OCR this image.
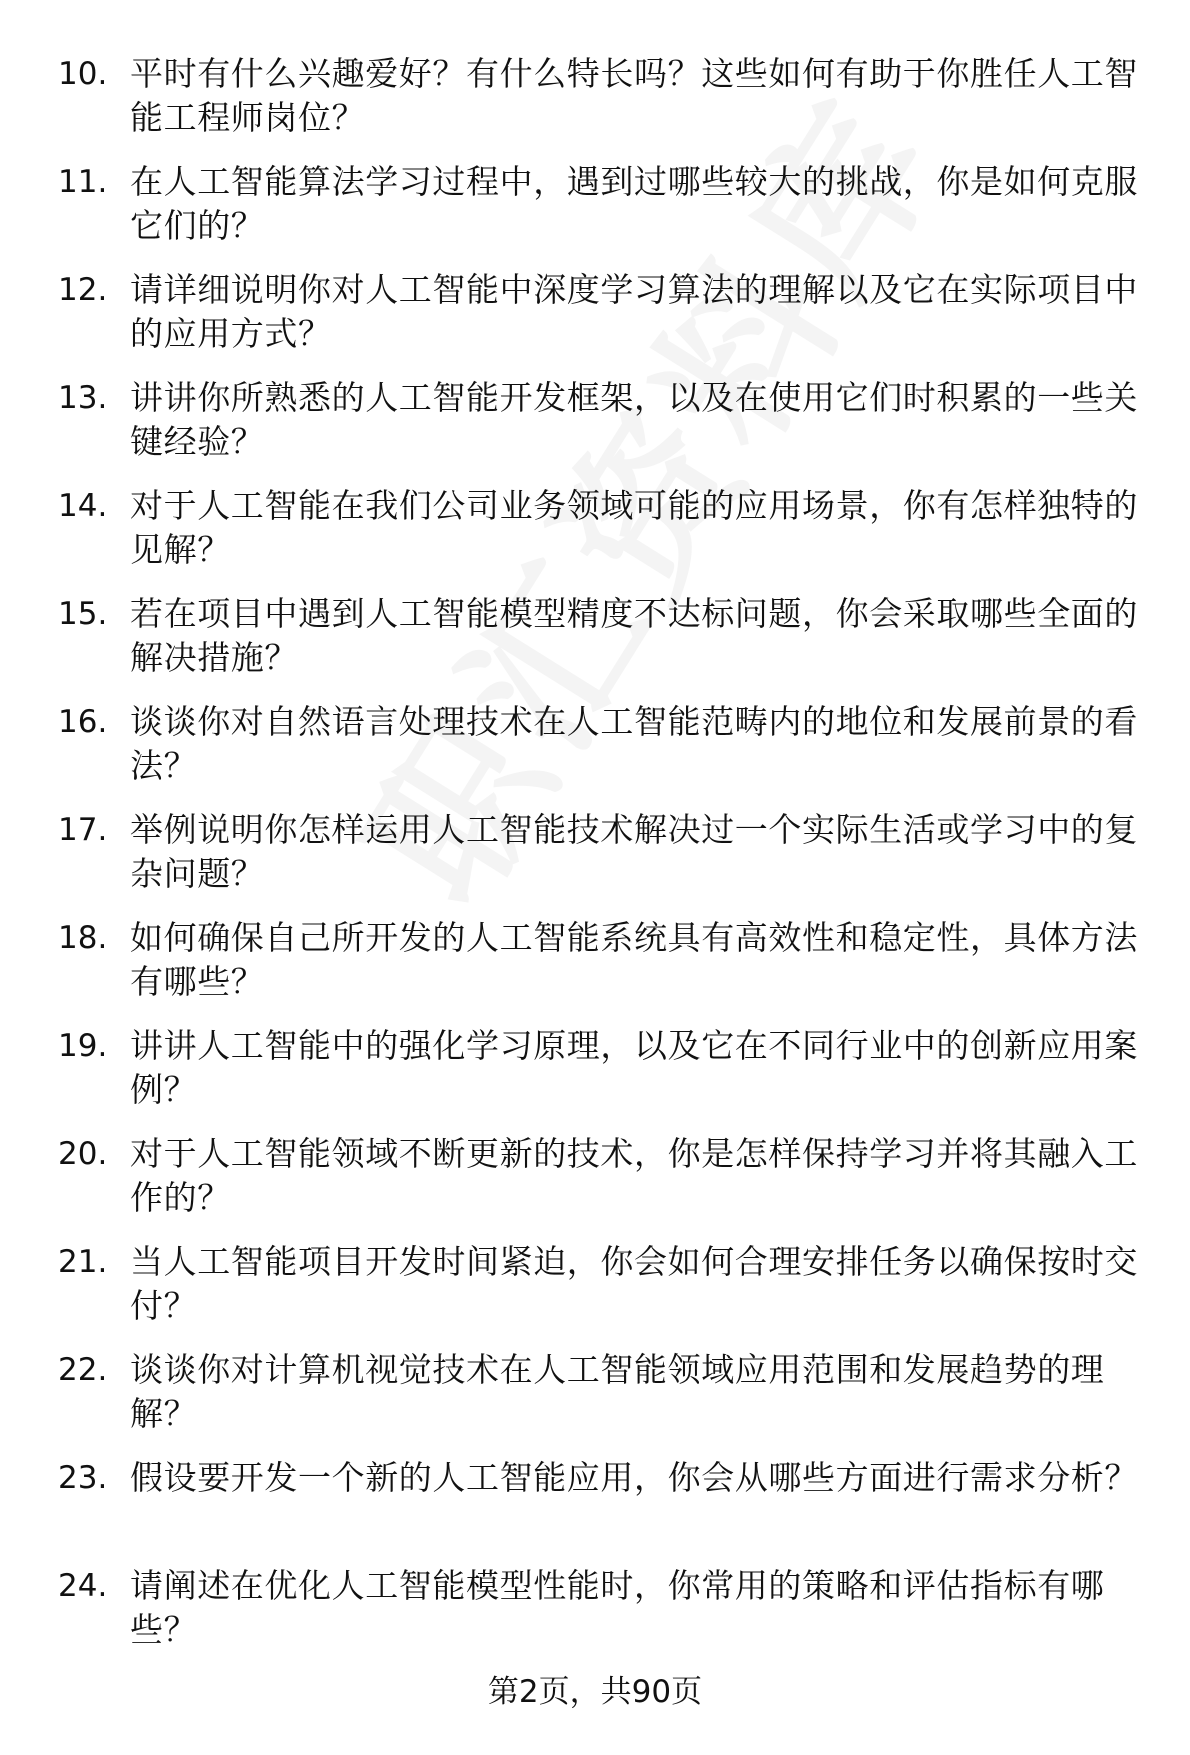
10. 平时有什么兴趣爱好？有什么特长吗？这些如何有助于你胜任人工智能工程师岗位？
11. 在人工智能算法学习过程中，遇到过哪些较大的挑战，你是如何克服它们的？
12. 请详细说明你对人工智能中深度学习算法的理解以及它在实际项目中的应用方式？
13. 讲讲你所熟悉的人工智能开发框架，以及在使用它们时积累的一些关键经验？
14. 对于人工智能在我们公司业务领域可能的应用场景，你有怎样独特的见解？
15. 若在项目中遇到人工智能模型精度不达标问题，你会采取哪些全面的解决措施？
16. 谈谈你对自然语言处理技术在人工智能范畴内的地位和发展前景的看法？
17. 举例说明你怎样运用人工智能技术解决过一个实际生活或学习中的复杂问题？
18. 如何确保自己所开发的人工智能系统具有高效性和稳定性，具体方法有哪些？
19. 讲讲人工智能中的强化学习原理，以及它在不同行业中的创新应用案例？
20. 对于人工智能领域不断更新的技术，你是怎样保持学习并将其融入工作的？
21. 当人工智能项目开发时间紧迫，你会如何合理安排任务以确保按时交付？
22. 谈谈你对计算机视觉技术在人工智能领域应用范围和发展趋势的理解？
23. 假设要开发一个新的人工智能应用，你会从哪些方面进行需求分析？
24. 请阐述在优化人工智能模型性能时，你常用的策略和评估指标有哪些？
第2页，共90页
